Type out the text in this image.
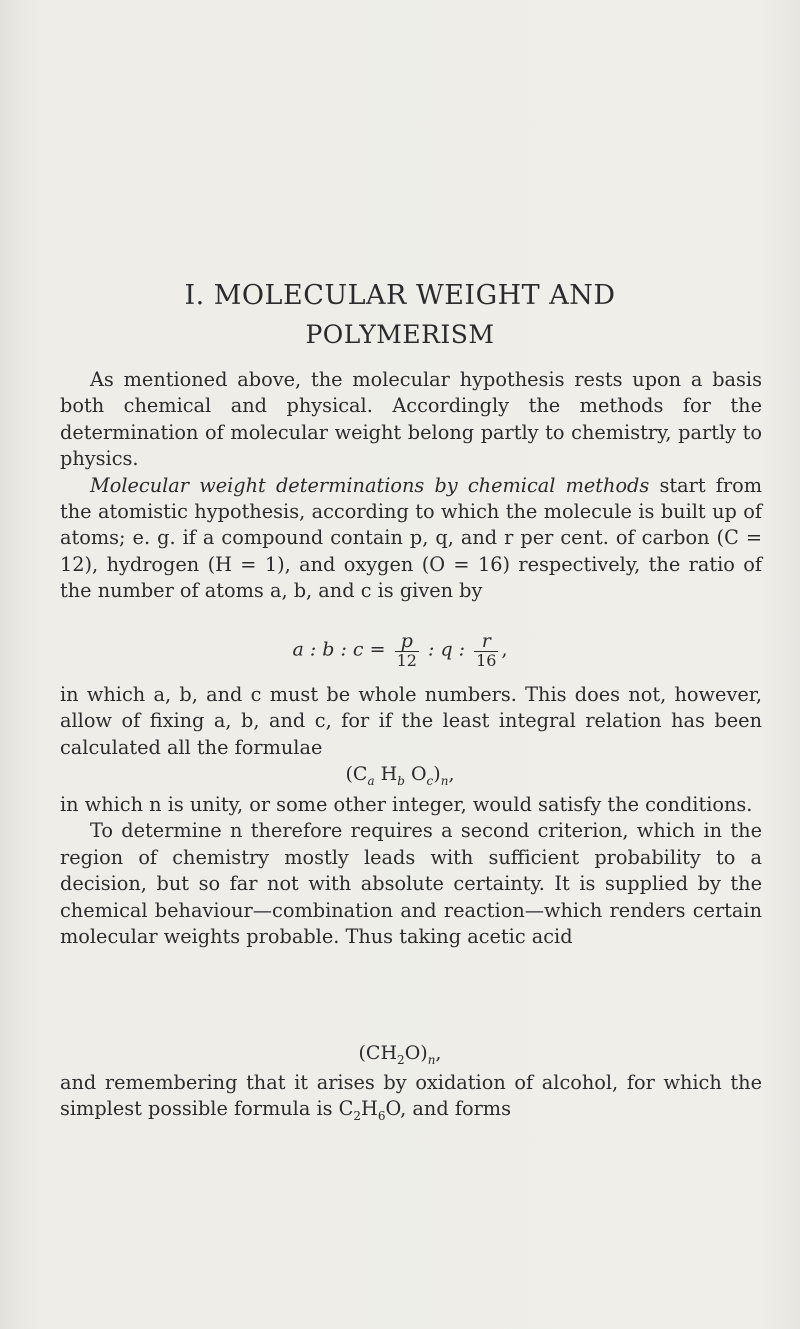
I. MOLECULAR WEIGHT AND
POLYMERISM

As mentioned above, the molecular hypothesis rests upon a basis both chemical and physical. Accordingly the methods for the determination of molecular weight belong partly to chemistry, partly to physics.

Molecular weight determinations by chemical methods start from the atomistic hypothesis, according to which the molecule is built up of atoms; e. g. if a compound contain p, q, and r per cent. of carbon (C = 12), hydrogen (H = 1), and oxygen (O = 16) respectively, the ratio of the number of atoms a, b, and c is given by

a : b : $c = \frac{p}{12}$ : q : $\frac{r}{16}$ ,

in which a, b, and c must be whole numbers. This does not, however, allow of fixing a, b, and c, for if the least integral relation has been calculated all the formulae

($C_a$ $H_b$ $O_c)_n$,

in which n is unity, or some other integer, would satisfy the conditions.

To determine n therefore requires a second criterion, which in the region of chemistry mostly leads with sufficient probability to a decision, but so far not with absolute certainty. It is supplied by the chemical behaviour—combination and reaction—which renders certain molecular weights probable. Thus taking acetic acid

$(CH_2O)_n$,

and remembering that it arises by oxidation of alcohol, for which the simplest possible formula is $C_2H_6O$, and forms
